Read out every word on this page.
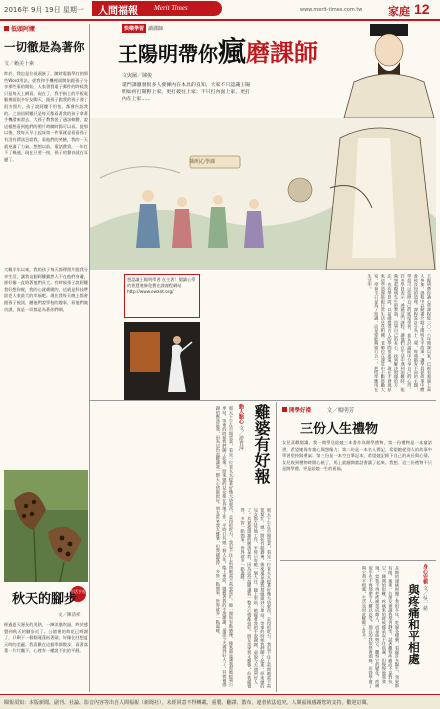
2016年 9月 19日 星期一 人間福報 Merit Times	www.merit-times.com.tw 家庭 12
低頭阿嬤
一切徹是為著你
文／賴美十素
昨於，我也是位低頭族了。隨時電腦學打的那些Word用法，從我和手機裡面開始跟孫子分享那些事的開始，人家書寫電子郵件的時候我只是每天上網看，現在了，我手指上的平板電腦裡面很多好友聊天，跟孫子跟我的孫子發了很多照片，孩子說阿嬤不用怕，都會告訴我的。之前回阿嬤只是每天都看著我的孩子拿著手機滑來滑去，大孫子教我裝了通訊軟體，說這樣想看到他們的照片時隨時都可以看。從那以後，我每天早上起床第一件事就是看看孫子有沒有傳訊息給我，看他們的笑臉，我的一天就充滿了力氣。想想以前，電話費貴，一年打不了幾通，現在只要一按，孫子的聲音就在耳邊了。
大概半年以來，我的孩子每天都傳照片跟我分享生活，讓我這個阿嬤雖然人不在他們身邊，卻好像一直陪著他們長大。有時候孫子說阿嬤我好想你喔，我的心就暖暖的，這就是科技帶給老人家最大的幸福吧。現在我每天晚上都會跟孫子視訊，聽他們說學校的趣事，看他們做功課，真是一切都是為著你們啊。
快樂學習 讀課師
王陽明帶你瘋磨課師
文與圖／陳俊
還門課激發很多人發揮內在本具的良知，大家不只認識王陽明如何打開野上家，更打破往上家；不只打內面上家，更打內在上家……
陽明心學課
想認識王陽明學習 在主著！閱讀心學的智慧進修免費在課課程網站 http://www.ewant.org/	王陽明帶你讀心學課程從二〇一六年開課以來，已經有超過上萬人參加，課程中以動畫介紹王陽明生平故事，讓學員從故事中體會致良知的道理。課程設計分為十二週，每週都有不同的主題，學員可以依照自己的進度學習，並在討論區中分享自己的心得。許多學員表示，透過這門課程，讓他們在生活中遇到困難時，能夠想起陽明先生的教誨，回到自己的本心，找到解決問題的方法。也有學員說，以前總覺得古人的學問很遙遠，現在才發現原來這些道理都跟日常生活息息相關。老師也在課堂中不斷鼓勵大家，學習不只是為了知識，而是要能夠知行合一，把所學應用在生活中。
雞婆有好報
動人點心 文／游育萍
那天下午在市場買菜，看見一位老太太提著好幾大袋東西，走得很吃力，我忍不住上前問她需不需要幫忙。她一開始有點猶豫，後來還是讓我幫她提到公車站。等車的時候我們聊了起來，原來她的兒女都在外地工作，平時只有她一個人住。臨上車前，她握著我的手說謝謝，還說今天遇到好人了。其實被感謝的應該是我，因為這份溫暖讓我一整天心情都很好。朋友常笑我太雞婆，但我總覺得，多管一點閒事，世界就多一點溫暖。	那天下午在市場買菜，看見一位老太太提著好幾大袋東西，走得很吃力，我忍不住上前問她需不需要幫忙。她一開始有點猶豫，後來還是讓我幫她提到公車站。等車的時候我們聊了起來，原來她的兒女都在外地工作，平時只有她一個人住。臨上車前，她握著我的手說謝謝，還說今天遇到好人了。其實被感謝的應該是我，因為這份溫暖讓我一整天心情都很好。朋友常笑我太雞婆，但我總覺得，多管一點閒事，世界就多一點溫暖。
開學好禮	文／楊明芳
三份人生禮物
女兒喜歡閱讀，我一開學送給她三本書作為開學禮物，第一份禮物是一本童話書，希望她保有童心與想像力；第二份是一本名人傳記，希望她從別人的故事中學習堅持與勇氣；第三份是一本空白筆記本，希望她記錄下自己的成長與心情。女兒收到禮物時開心極了，馬上就翻開童話書讀了起來。我想，這三份禮物不只是開學禮，更是給她一生的祝福。
與疼痛和平相處
身心安頓 文／吳一慈
長期的頭痛困擾了我很多年，吃過各種藥，看過許多醫生，效果都有限。後來一位朋友建議我學習靜坐，試著觀察疼痛而不是對抗它。剛開始很難，疼痛來的時候總是忍不住焦慮，但慢慢地我發現，當我不再把疼痛當成敵人，而是接納它、觀察它的變化，疼痛似乎也不再那麼令人難以忍受。現在的我依然會頭痛，但我學會了與它和平相處，生活也因此輕鬆了許多。
生活手札
秋天的腳步
文／陳清祥
經過夏天漫長的炎熱，一陣涼風吹過，終於感覺到秋天的腳步近了。公園裡的荷花已經謝了，只剩下一個個蓮蓬低著頭，好像在回想夏天時的美麗。我喜歡在這個季節散步，看著落葉一片片飄下，心裡有一種說不出的平靜。
閱報須知：本版新聞、副刊、社論、影音內容等出自人間福報（新聞社），未經同意不得轉載、重製、翻譯、散布，違者依法追究。人間福報感謝您的支持，歡迎訂閱。
